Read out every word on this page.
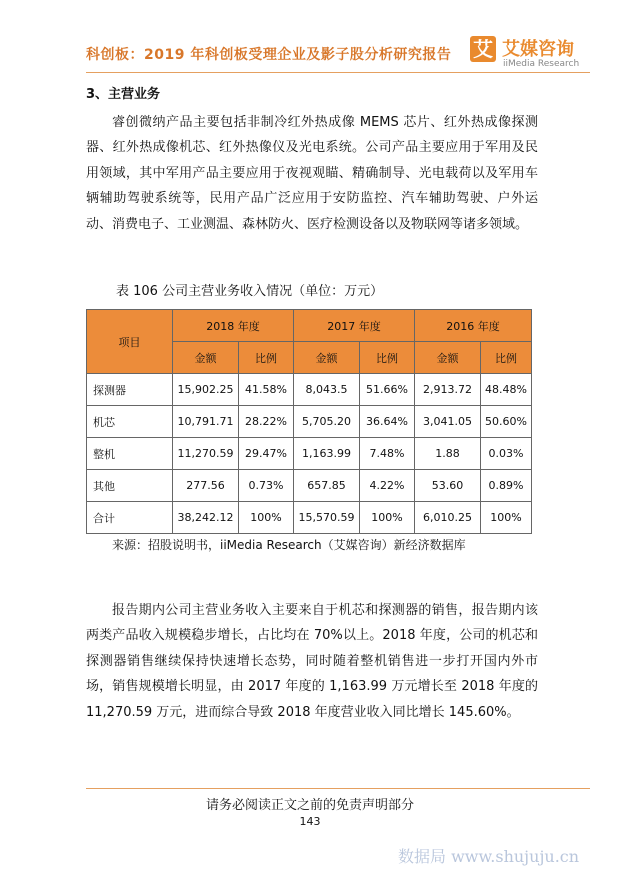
科创板：2019 年科创板受理企业及影子股分析研究报告 艾 艾媒咨询
iiMedia Research
3、主营业务

睿创微纳产品主要包括非制冷红外热成像 MEMS 芯片、红外热成像探测器、红外热成像机芯、红外热像仪及光电系统。公司产品主要应用于军用及民用领域，其中军用产品主要应用于夜视观瞄、精确制导、光电载荷以及军用车辆辅助驾驶系统等，民用产品广泛应用于安防监控、汽车辅助驾驶、户外运动、消费电子、工业测温、森林防火、医疗检测设备以及物联网等诸多领域。

表 106 公司主营业务收入情况（单位：万元）
项目	2018 年度		2017 年度		2016 年度	
	金额	比例	金额	比例	金额	比例
探测器	15,902.25	41.58%	8,043.5	51.66%	2,913.72	48.48%
机芯	10,791.71	28.22%	5,705.20	36.64%	3,041.05	50.60%
整机	11,270.59	29.47%	1,163.99	7.48%	1.88	0.03%
其他	277.56	0.73%	657.85	4.22%	53.60	0.89%
合计	38,242.12	100%	15,570.59	100%	6,010.25	100%
来源：招股说明书，iiMedia Research（艾媒咨询）新经济数据库

报告期内公司主营业务收入主要来自于机芯和探测器的销售，报告期内该两类产品收入规模稳步增长，占比均在 70%以上。2018 年度，公司的机芯和探测器销售继续保持快速增长态势，同时随着整机销售进一步打开国内外市场，销售规模增长明显，由 2017 年度的 1,163.99 万元增长至 2018 年度的 11,270.59 万元，进而综合导致 2018 年度营业收入同比增长 145.60%。

请务必阅读正文之前的免责声明部分
143
数据局 www.shujuju.cn
